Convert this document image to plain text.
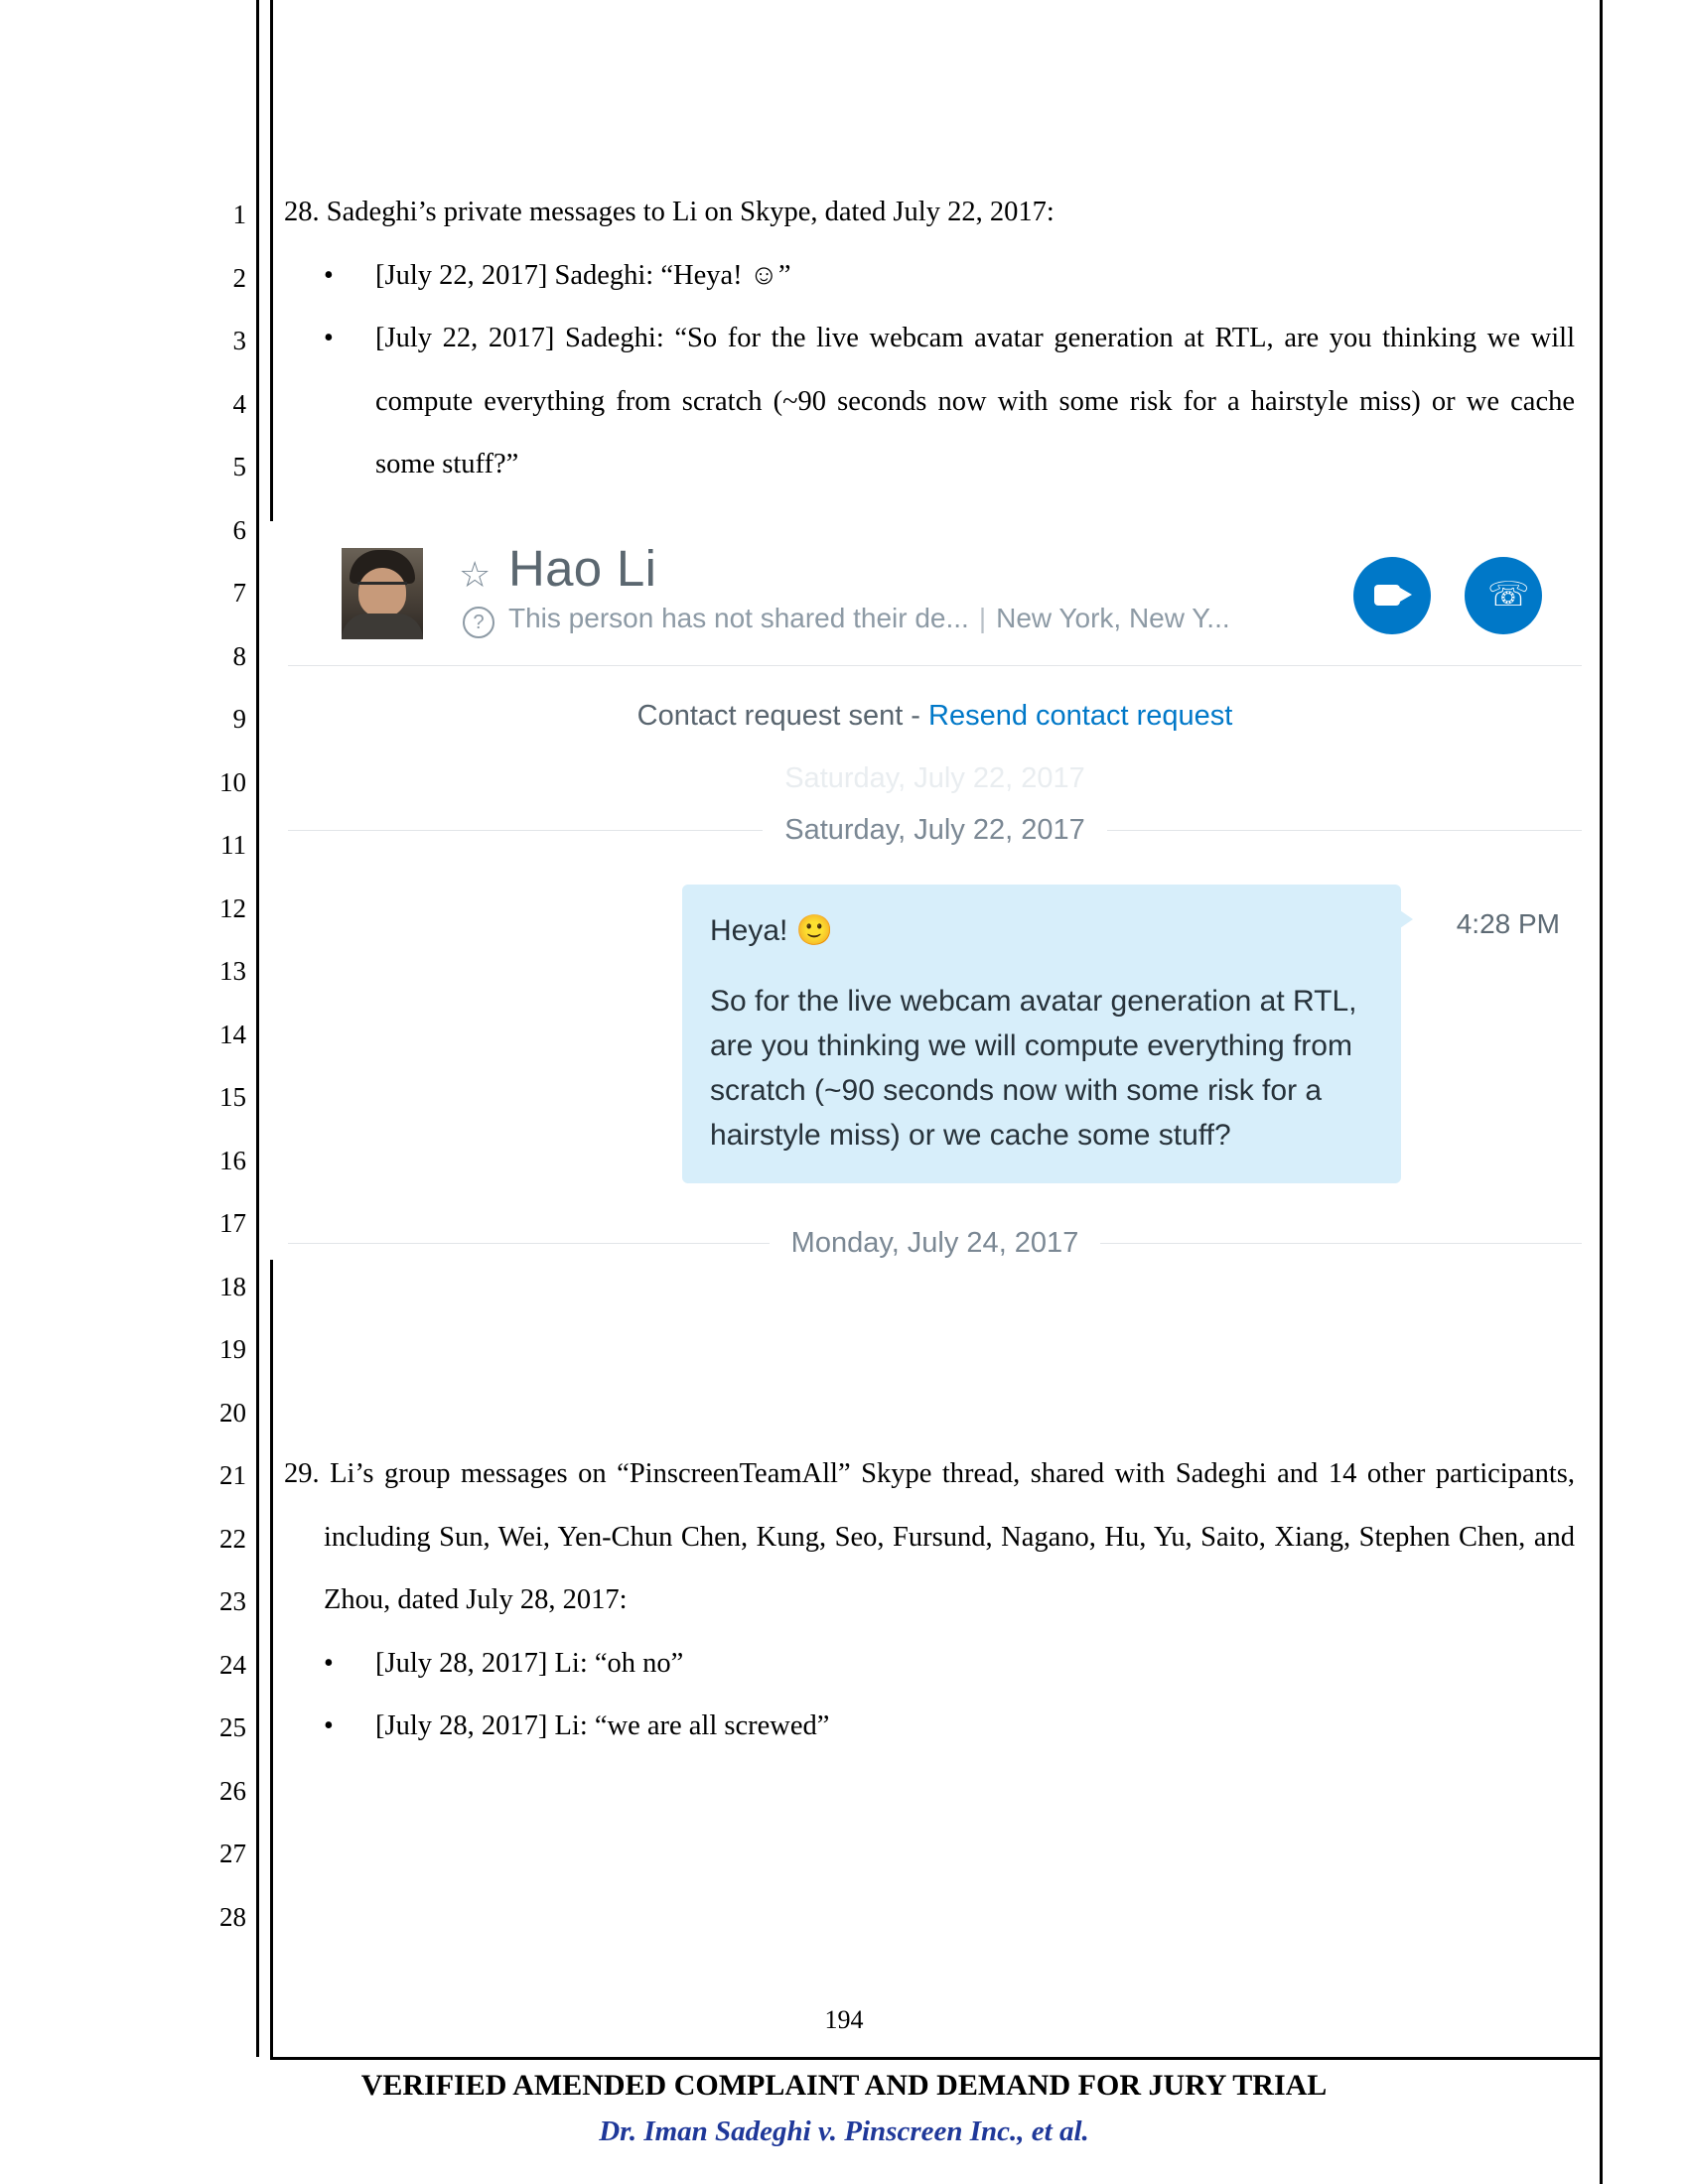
1
2
3
4
5
6
7
8
9
10
11
12
13
14
15
16
17
18
19
20
21
22
23
24
25
26
27
28

28. Sadeghi’s private messages to Li on Skype, dated July 22, 2017:

• [July 22, 2017] Sadeghi: “Heya! ☺”
• [July 22, 2017] Sadeghi: “So for the live webcam avatar generation at RTL, are you thinking we will compute everything from scratch (~90 seconds now with some risk for a hairstyle miss) or we cache some stuff?”
☆ Hao Li
? This person has not shared their de... | New York, New Y...
☏
Contact request sent - Resend contact request
Saturday, July 22, 2017
Saturday, July 22, 2017
Heya! 🙂
So for the live webcam avatar generation at RTL, are you thinking we will compute everything from scratch (~90 seconds now with some risk for a hairstyle miss) or we cache some stuff?
4:28 PM
Monday, July 24, 2017

29. Li’s group messages on “PinscreenTeamAll” Skype thread, shared with Sadeghi and 14 other participants, including Sun, Wei, Yen-Chun Chen, Kung, Seo, Fursund, Nagano, Hu, Yu, Saito, Xiang, Stephen Chen, and Zhou, dated July 28, 2017:

• [July 28, 2017] Li: “oh no”
• [July 28, 2017] Li: “we are all screwed”
194
VERIFIED AMENDED COMPLAINT AND DEMAND FOR JURY TRIAL
Dr. Iman Sadeghi v. Pinscreen Inc., et al.
